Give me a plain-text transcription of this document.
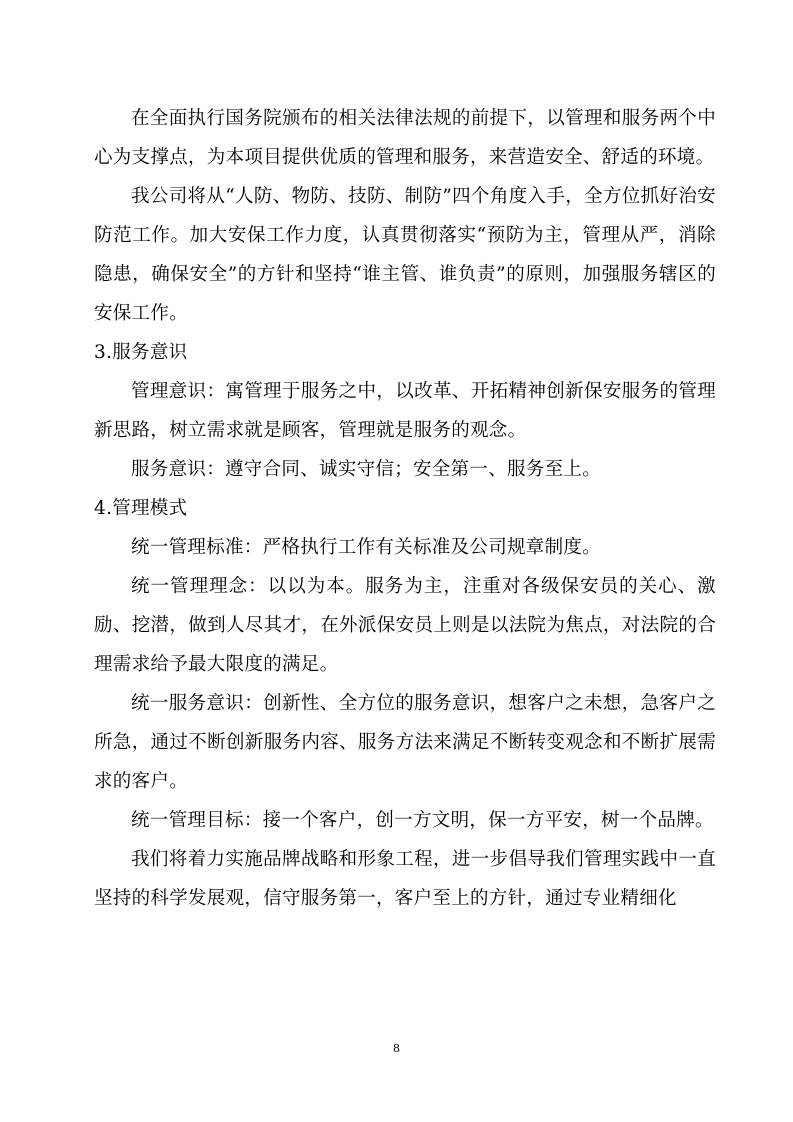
在全面执行国务院颁布的相关法律法规的前提下，以管理和服务两个中心为支撑点，为本项目提供优质的管理和服务，来营造安全、舒适的环境。

我公司将从“人防、物防、技防、制防”四个角度入手，全方位抓好治安防范工作。加大安保工作力度，认真贯彻落实“预防为主，管理从严，消除隐患，确保安全”的方针和坚持“谁主管、谁负责”的原则，加强服务辖区的安保工作。

3.服务意识

管理意识：寓管理于服务之中，以改革、开拓精神创新保安服务的管理新思路，树立需求就是顾客，管理就是服务的观念。

服务意识：遵守合同、诚实守信；安全第一、服务至上。

4.管理模式

统一管理标准：严格执行工作有关标准及公司规章制度。

统一管理理念：以以为本。服务为主，注重对各级保安员的关心、激励、挖潜，做到人尽其才，在外派保安员上则是以法院为焦点，对法院的合理需求给予最大限度的满足。

统一服务意识：创新性、全方位的服务意识，想客户之未想，急客户之所急，通过不断创新服务内容、服务方法来满足不断转变观念和不断扩展需求的客户。

统一管理目标：接一个客户，创一方文明，保一方平安，树一个品牌。

我们将着力实施品牌战略和形象工程，进一步倡导我们管理实践中一直坚持的科学发展观，信守服务第一，客户至上的方针，通过专业精细化

8
